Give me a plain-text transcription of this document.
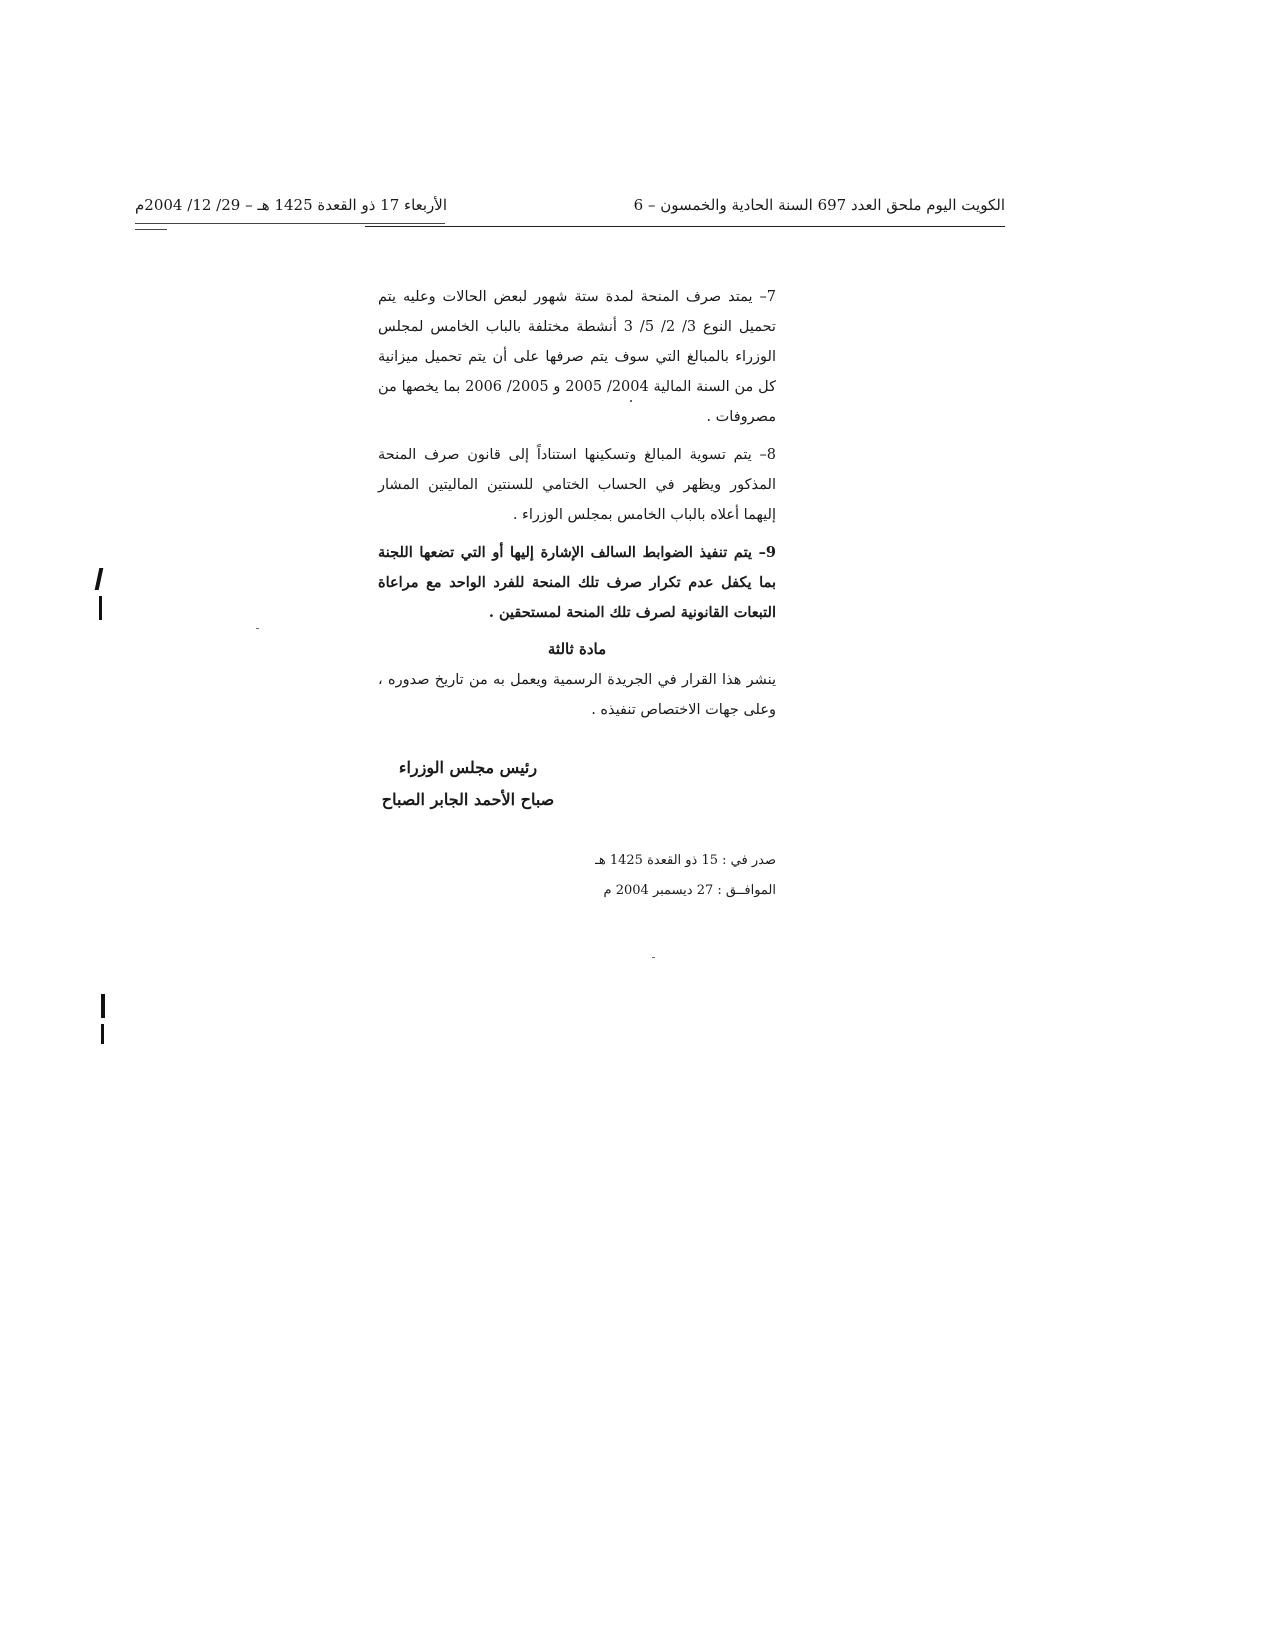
الكويت اليوم ملحق العدد 697 السنة الحادية والخمسون – 6
الأربعاء 17 ذو القعدة 1425 هـ – 29/ 12/ 2004م

7– يمتد صرف المنحة لمدة ستة شهور لبعض الحالات وعليه يتم تحميل النوع 3/ 2/ 5/ 3 أنشطة مختلفة بالباب الخامس لمجلس الوزراء بالمبالغ التي سوف يتم صرفها على أن يتم تحميل ميزانية كل من السنة المالية 2004/ 2005 و 2005/ 2006 بما يخصها من مصروفات .

8– يتم تسوية المبالغ وتسكينها استناداً إلى قانون صرف المنحة المذكور ويظهر في الحساب الختامي للسنتين الماليتين المشار إليهما أعلاه بالباب الخامس بمجلس الوزراء .

9– يتم تنفيذ الضوابط السالف الإشارة إليها أو التي تضعها اللجنة بما يكفل عدم تكرار صرف تلك المنحة للفرد الواحد مع مراعاة التبعات القانونية لصرف تلك المنحة لمستحقين .

مادة ثالثة
ينشر هذا القرار في الجريدة الرسمية ويعمل به من تاريخ صدوره ، وعلى جهات الاختصاص تنفيذه .
رئيس مجلس الوزراء
صباح الأحمد الجابر الصباح
صدر في : 15 ذو القعدة 1425 هـ
الموافــق : 27 ديسمبر 2004 م
